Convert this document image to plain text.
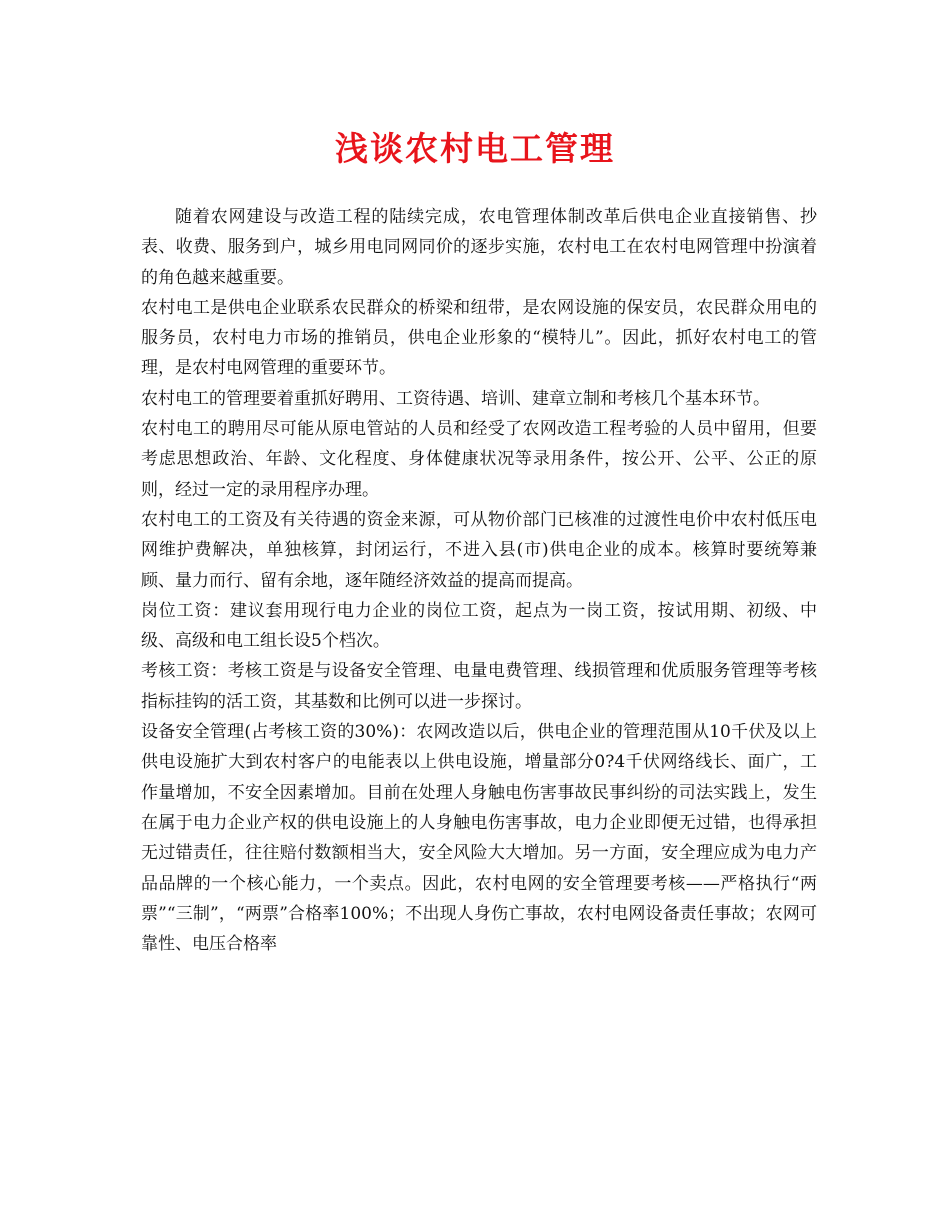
浅谈农村电工管理

随着农网建设与改造工程的陆续完成，农电管理体制改革后供电企业直接销售、抄表、收费、服务到户，城乡用电同网同价的逐步实施，农村电工在农村电网管理中扮演着的角色越来越重要。

农村电工是供电企业联系农民群众的桥梁和纽带，是农网设施的保安员，农民群众用电的服务员，农村电力市场的推销员，供电企业形象的“模特儿”。因此，抓好农村电工的管理，是农村电网管理的重要环节。

农村电工的管理要着重抓好聘用、工资待遇、培训、建章立制和考核几个基本环节。

农村电工的聘用尽可能从原电管站的人员和经受了农网改造工程考验的人员中留用，但要考虑思想政治、年龄、文化程度、身体健康状况等录用条件，按公开、公平、公正的原则，经过一定的录用程序办理。

农村电工的工资及有关待遇的资金来源，可从物价部门已核准的过渡性电价中农村低压电网维护费解决，单独核算，封闭运行，不进入县(市)供电企业的成本。核算时要统筹兼顾、量力而行、留有余地，逐年随经济效益的提高而提高。

岗位工资：建议套用现行电力企业的岗位工资，起点为一岗工资，按试用期、初级、中级、高级和电工组长设5个档次。

考核工资：考核工资是与设备安全管理、电量电费管理、线损管理和优质服务管理等考核指标挂钩的活工资，其基数和比例可以进一步探讨。

设备安全管理(占考核工资的30%)：农网改造以后，供电企业的管理范围从10千伏及以上供电设施扩大到农村客户的电能表以上供电设施，增量部分0?4千伏网络线长、面广，工作量增加，不安全因素增加。目前在处理人身触电伤害事故民事纠纷的司法实践上，发生在属于电力企业产权的供电设施上的人身触电伤害事故，电力企业即便无过错，也得承担无过错责任，往往赔付数额相当大，安全风险大大增加。另一方面，安全理应成为电力产品品牌的一个核心能力，一个卖点。因此，农村电网的安全管理要考核——严格执行“两票”“三制”，“两票”合格率100%；不出现人身伤亡事故，农村电网设备责任事故；农网可靠性、电压合格率
